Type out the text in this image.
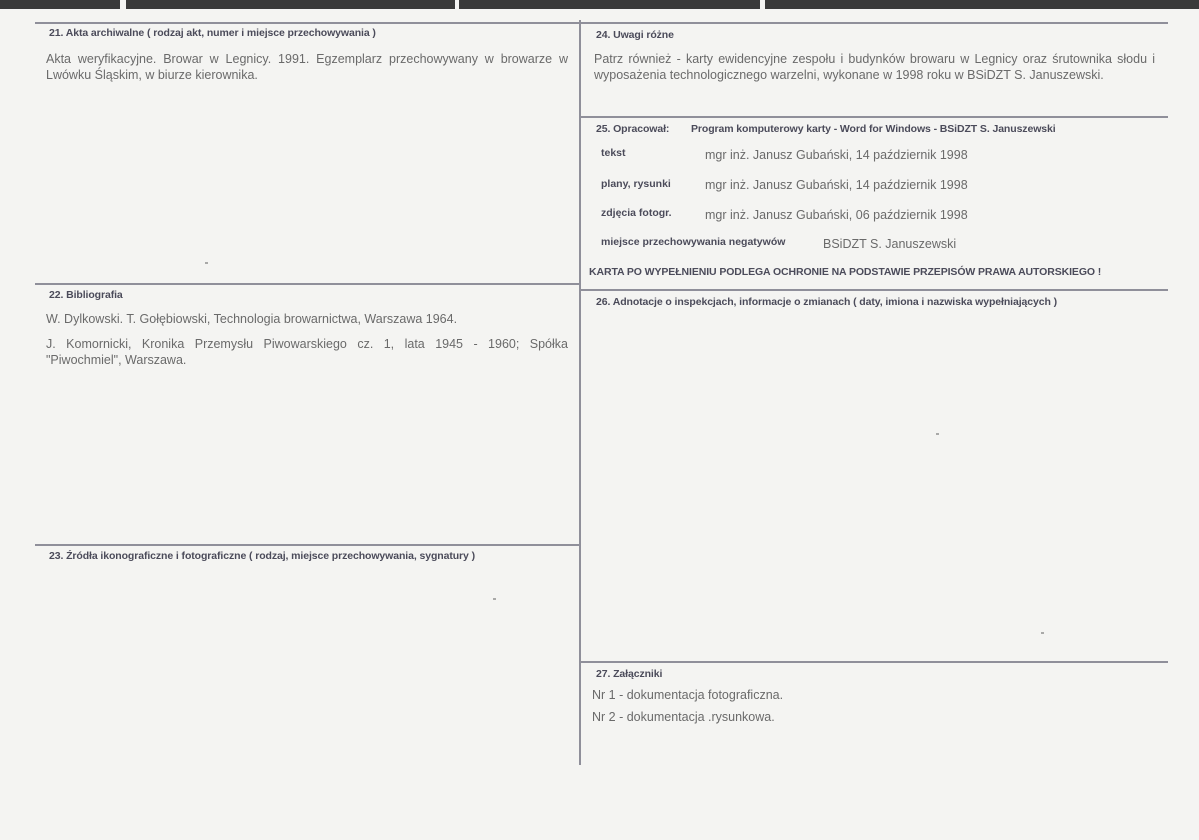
21. Akta archiwalne ( rodzaj akt, numer i miejsce przechowywania )
Akta weryfikacyjne. Browar w Legnicy. 1991. Egzemplarz przechowywany w browarze w Lwówku Śląskim, w biurze kierownika.
22. Bibliografia
W. Dylkowski. T. Gołębiowski, Technologia browarnictwa, Warszawa 1964.
J. Komornicki, Kronika Przemysłu Piwowarskiego cz. 1, lata 1945 - 1960; Spółka "Piwochmiel", Warszawa.
23. Źródła ikonograficzne i fotograficzne ( rodzaj, miejsce przechowywania, sygnatury )
24. Uwagi różne
Patrz również - karty ewidencyjne zespołu i budynków browaru w Legnicy oraz śrutownika słodu i wyposażenia technologicznego warzelni, wykonane w 1998 roku w BSiDZT S. Januszewski.
25. Opracował: Program komputerowy karty - Word for Windows - BSiDZT S. Januszewski
tekst	mgr inż. Janusz Gubański, 14 październik 1998
plany, rysunki	mgr inż. Janusz Gubański, 14 październik 1998
zdjęcia fotogr.	mgr inż. Janusz Gubański, 06 październik 1998
miejsce przechowywania negatywów	BSiDZT S. Januszewski
KARTA PO WYPEŁNIENIU PODLEGA OCHRONIE NA PODSTAWIE PRZEPISÓW PRAWA AUTORSKIEGO !
26. Adnotacje o inspekcjach, informacje o zmianach ( daty, imiona i nazwiska wypełniających )
27. Załączniki
Nr 1 - dokumentacja fotograficzna.
Nr 2 - dokumentacja .rysunkowa.
